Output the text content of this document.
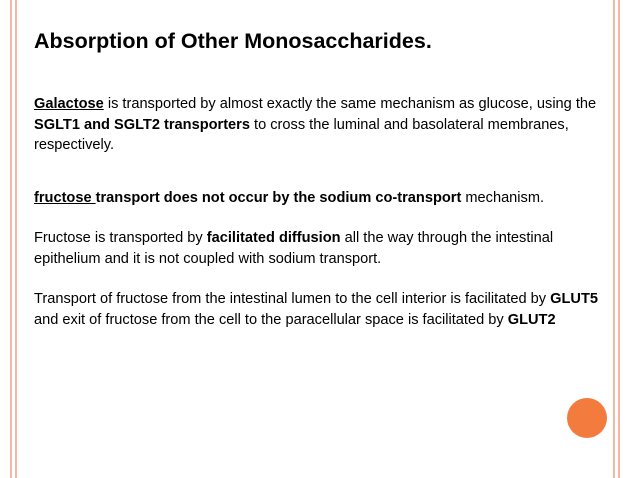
Absorption of Other Monosaccharides.

Galactose is transported by almost exactly the same mechanism as glucose, using the SGLT1 and SGLT2 transporters to cross the luminal and basolateral membranes, respectively.

fructose transport does not occur by the sodium co-transport mechanism.

Fructose is transported by facilitated diffusion all the way through the intestinal epithelium and it is not coupled with sodium transport.

Transport of fructose from the intestinal lumen to the cell interior is facilitated by GLUT5 and exit of fructose from the cell to the paracellular space is facilitated by GLUT2
